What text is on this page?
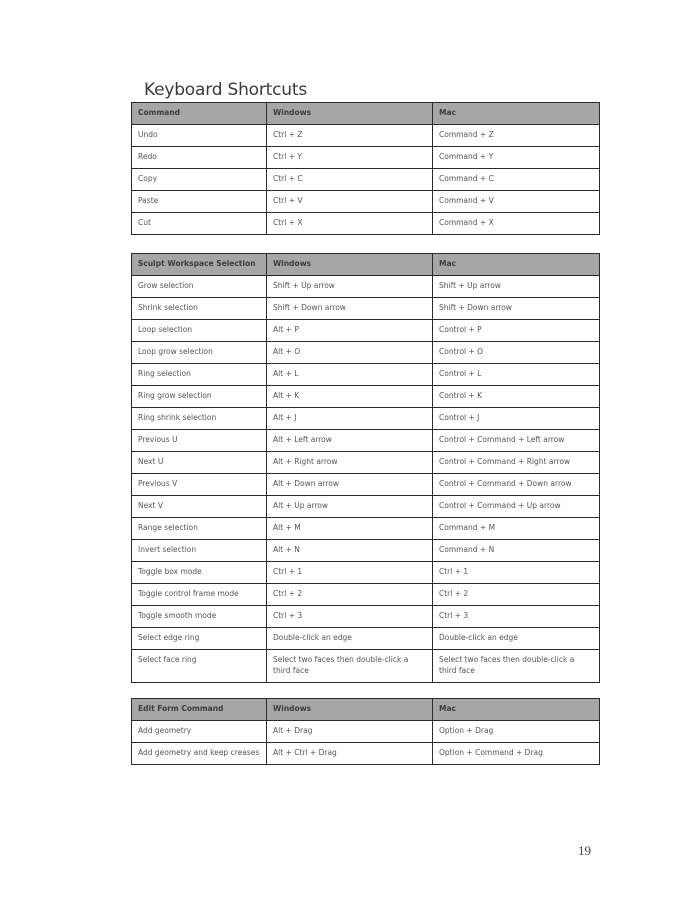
Keyboard Shortcuts
Command	Windows	Mac
Undo	Ctrl + Z	Command + Z
Redo	Ctrl + Y	Command + Y
Copy	Ctrl + C	Command + C
Paste	Ctrl + V	Command + V
Cut	Ctrl + X	Command + X
Sculpt Workspace Selection	Windows	Mac
Grow selection	Shift + Up arrow	Shift + Up arrow
Shrink selection	Shift + Down arrow	Shift + Down arrow
Loop selection	Alt + P	Control + P
Loop grow selection	Alt + O	Control + O
Ring selection	Alt + L	Control + L
Ring grow selection	Alt + K	Control + K
Ring shrink selection	Alt + J	Control + J
Previous U	Alt + Left arrow	Control + Command + Left arrow
Next U	Alt + Right arrow	Control + Command + Right arrow
Previous V	Alt + Down arrow	Control + Command + Down arrow
Next V	Alt + Up arrow	Control + Command + Up arrow
Range selection	Alt + M	Command + M
Invert selection	Alt + N	Command + N
Toggle box mode	Ctrl + 1	Ctrl + 1
Toggle control frame mode	Ctrl + 2	Ctrl + 2
Toggle smooth mode	Ctrl + 3	Ctrl + 3
Select edge ring	Double-click an edge	Double-click an edge
Select face ring	Select two faces then double-click a third face	Select two faces then double-click a third face
Edit Form Command	Windows	Mac
Add geometry	Alt + Drag	Option + Drag
Add geometry and keep creases	Alt + Ctrl + Drag	Option + Command + Drag
19
